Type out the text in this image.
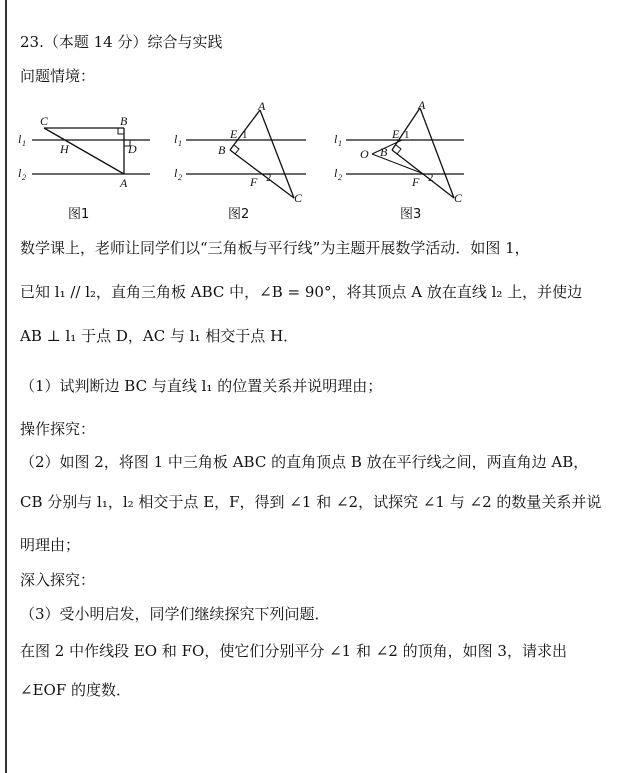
23.（本题 14 分）综合与实践
问题情境：
l 1
l 2
C	B
H	D
A
图1
l 1
l 2
A
E 1
B
F 2
C
图2
l 1
l 2
A
E 1
O B
F 2
C
图3
数学课上，老师让同学们以“三角板与平行线”为主题开展数学活动．如图 1，
已知 l₁ // l₂，直角三角板 ABC 中，∠B = 90°，将其顶点 A 放在直线 l₂ 上，并使边
AB ⊥ l₁ 于点 D，AC 与 l₁ 相交于点 H．
（1）试判断边 BC 与直线 l₁ 的位置关系并说明理由；
操作探究：
（2）如图 2，将图 1 中三角板 ABC 的直角顶点 B 放在平行线之间，两直角边 AB，
CB 分别与 l₁，l₂ 相交于点 E，F，得到 ∠1 和 ∠2，试探究 ∠1 与 ∠2 的数量关系并说
明理由；
深入探究：
（3）受小明启发，同学们继续探究下列问题．
在图 2 中作线段 EO 和 FO，使它们分别平分 ∠1 和 ∠2 的顶角，如图 3，请求出
∠EOF 的度数．
